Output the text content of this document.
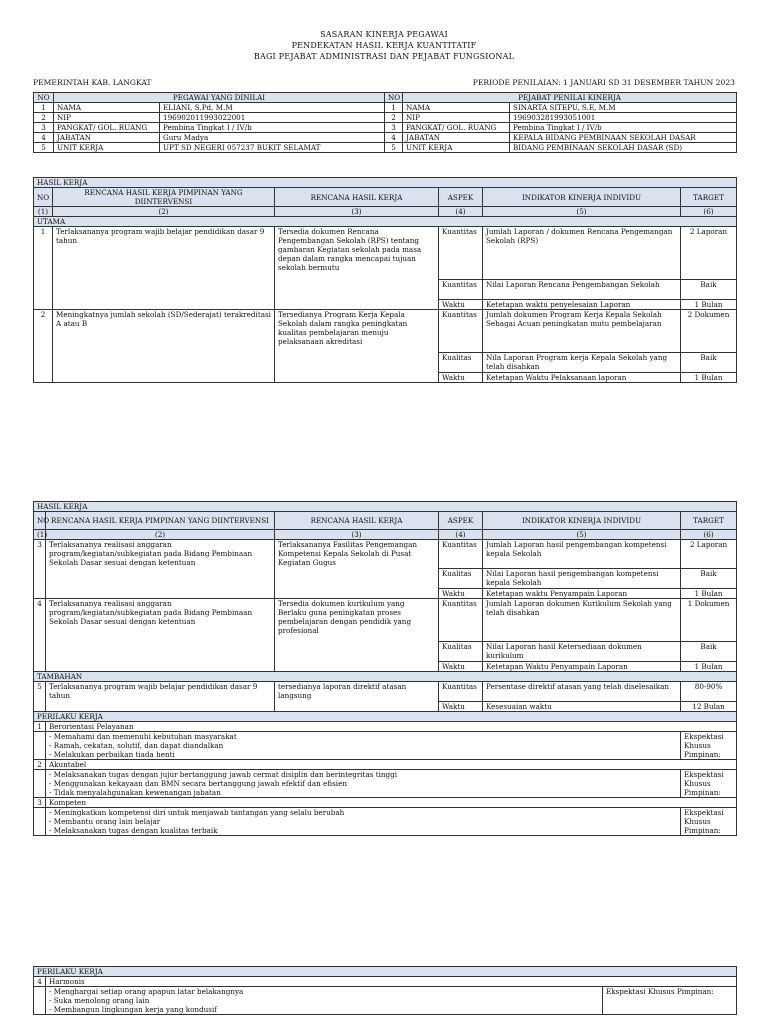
SASARAN KINERJA PEGAWAI
PENDEKATAN HASIL KERJA KUANTITATIF
BAGI PEJABAT ADMINISTRASI DAN PEJABAT FUNGSIONAL
PEMERINTAH KAB. LANGKAT	PERIODE PENILAIAN: 1 JANUARI SD 31 DESEMBER TAHUN 2023
NO	PEGAWAI YANG DINILAI		NO	PEJABAT PENILAI KINERJA	
1	NAMA	ELIANI, S.Pd, M.M	1	NAMA	SINARTA SITEPU, S.E, M.M
2	NIP	196902011993022001	2	NIP	196903281993051001
3	PANGKAT/ GOL. RUANG	Pembina Tingkat I / IV/b	3	PANGKAT/ GOL. RUANG	Pembina Tingkat I / IV/b
4	JABATAN	Guru Madya	4	JABATAN	KEPALA BIDANG PEMBINAAN SEKOLAH DASAR
5	UNIT KERJA	UPT SD NEGERI 057237 BUKIT SELAMAT	5	UNIT KERJA	BIDANG PEMBINAAN SEKOLAH DASAR (SD)
HASIL KERJA					
NO	RENCANA HASIL KERJA PIMPINAN YANG DIINTERVENSI	RENCANA HASIL KERJA	ASPEK	INDIKATOR KINERJA INDIVIDU	TARGET
(1)	(2)	(3)	(4)	(5)	(6)
UTAMA					
1	Terlaksananya program wajib belajar pendidikan dasar 9 tahun	Tersedia dokumen Rencana Pengembangan Sekolah (RPS) tentang gambaran Kegiatan sekolah pada masa depan dalam rangka mencapai tujuan sekolah bermutu	Kuantitas	Jumlah Laporan / dokumen Rencana Pengemangan Sekolah (RPS)	2 Laporan
			Kuantitas	Nilai Laporan Rencana Pengembangan Sekolah	Baik
			Waktu	Ketetapan waktu penyelesaian Laporan	1 Bulan
2	Meningkatnya jumlah sekolah (SD/Sederajat) terakreditasi A atau B	Tersedianya Program Kerja Kepala Sekolah dalam rangka peningkatan kualitas pembelajaran menuju pelaksanaan akreditasi	Kuantitas	Jumlah dokumen Program Kerja Kepala Sekolah Sebagai Acuan peningkatan mutu pembelajaran	2 Dokumen
			Kualitas	Nila Laporan Program kerja Kepala Sekolah yang telah disahkan	Baik
			Waktu	Ketetapan Waktu Pelaksanaan laporan	1 Bulan
HASIL KERJA					
NO	RENCANA HASIL KERJA PIMPINAN YANG DIINTERVENSI	RENCANA HASIL KERJA	ASPEK	INDIKATOR KINERJA INDIVIDU	TARGET
(1)	(2)	(3)	(4)	(5)	(6)
3	Terlaksananya realisasi anggaran program/kegiatan/subkegiatan pada Bidang Pembinaan Sekolah Dasar sesuai dengan ketentuan	Terlaksananya Fasilitas Pengemangan Kompetensi Kepala Sekolah di Pusat Kegiatan Gugus	Kuantitas	Jumlah Laporan hasil pengembangan kompetensi kepala Sekolah	2 Laporan
			Kualitas	Nilai Laporan hasil pengembangan kompetensi kepala Sekolah	Baik
			Waktu	Ketetapan waktu Penyampain Laporan	1 Bulan
4	Terlaksananya realisasi anggaran program/kegiatan/subkegiatan pada Bidang Pembinaan Sekolah Dasar sesuai dengan ketentuan	Tersedia dokumen kurikulum yang Berlaku guna peningkatan proses pembelajaran dengan pendidik yang profesional	Kuantitas	Jumlah Laporan dokumen Kurikulum Sekolah yang telah disahkan	1 Dokumen
			Kualitas	Nilai Laporan hasil Ketersediaan dokumen kurikulum	Baik
			Waktu	Ketetapan Waktu Penyampain Laporan	1 Bulan
TAMBAHAN					
5	Terlaksananya program wajib belajar pendidikan dasar 9 tahun	tersedianya laporan direktif atasan langsung	Kuantitas	Persentase direktif atasan yang telah diselesaikan	80-90%
			Waktu	Kesesuaian waktu	12 Bulan
PERILAKU KERJA					
1	Berorientasi Pelayanan				

	- Memahami dan memenuhi kebutuhan masyarakat
- Ramah, cekatan, solutif, dan dapat diandalkan
- Melakukan perbaikan tiada henti				Ekspektasi Khusus Pimpinan:
2	Akuntabel				

	- Melaksanakan tugas dengan jujur bertanggung jawab cermat disiplin dan berintegritas tinggi
- Menggunakan kekayaan dan BMN secara bertanggung jawab efektif dan efisien
- Tidak menyalahgunakan kewenangan jabatan				Ekspektasi Khusus Pimpinan:
3	Kompeten				

	- Meningkatkan kompetensi diri untuk menjawab tantangan yang selalu berubah
- Membantu orang lain belajar
- Melaksanakan tugas dengan kualitas terbaik				Ekspektasi Khusus Pimpinan:
PERILAKU KERJA		
4	Harmonis	

	- Menghargai setiap orang apapun latar belakangnya
- Suka menolong orang lain
- Membangun lingkungan kerja yang kondusif	Ekspektasi Khusus Pimpinan:
